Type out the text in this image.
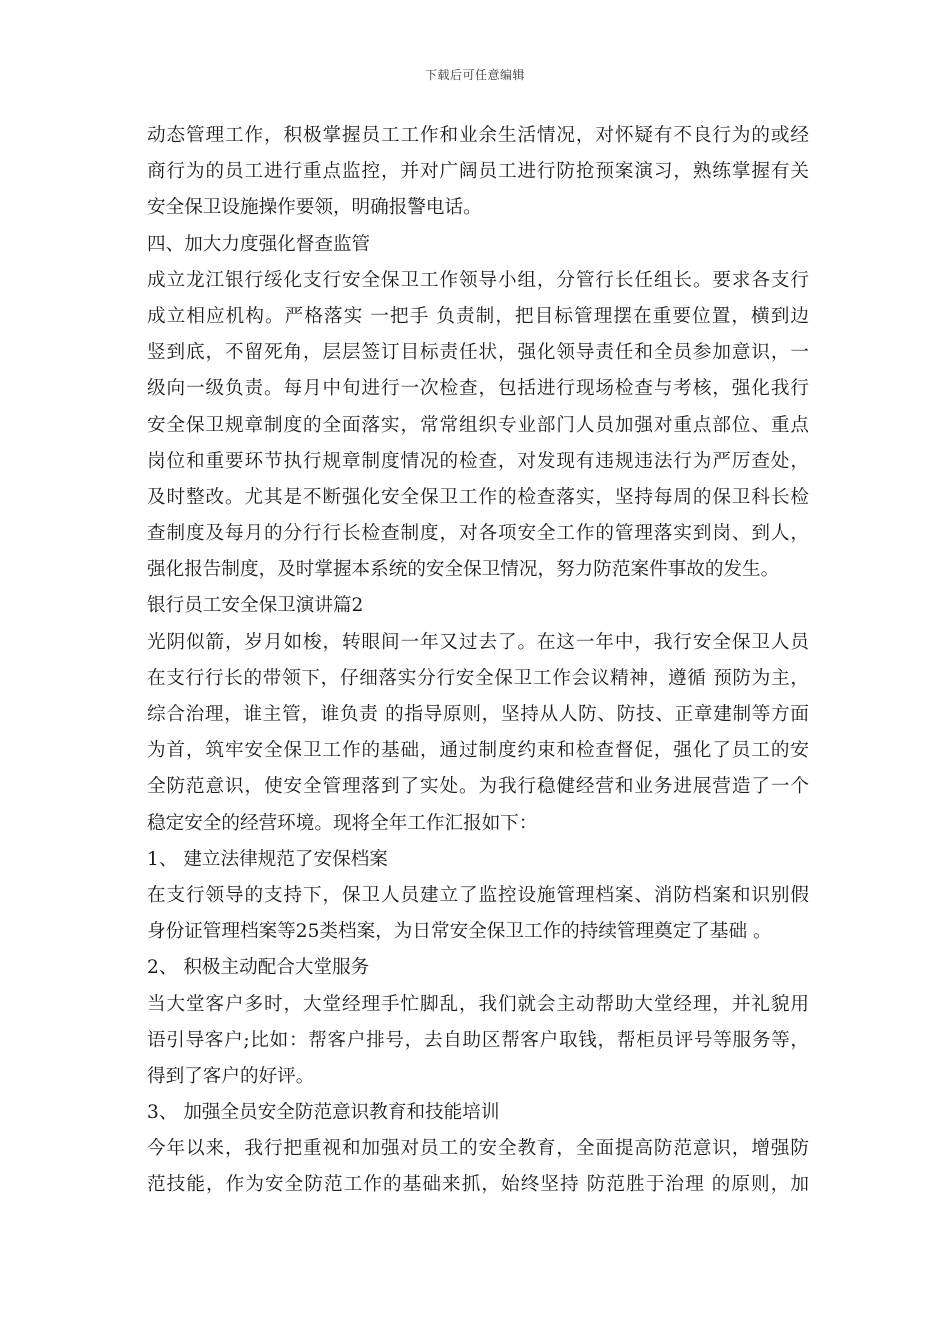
下载后可任意编辑
动态管理工作，积极掌握员工工作和业余生活情况，对怀疑有不良行为的或经
商行为的员工进行重点监控，并对广阔员工进行防抢预案演习，熟练掌握有关
安全保卫设施操作要领，明确报警电话。
四、加大力度强化督查监管
成立龙江银行绥化支行安全保卫工作领导小组，分管行长任组长。要求各支行
成立相应机构。严格落实 一把手 负责制，把目标管理摆在重要位置，横到边
竖到底，不留死角，层层签订目标责任状，强化领导责任和全员参加意识，一
级向一级负责。每月中旬进行一次检查，包括进行现场检查与考核，强化我行
安全保卫规章制度的全面落实，常常组织专业部门人员加强对重点部位、重点
岗位和重要环节执行规章制度情况的检查，对发现有违规违法行为严厉查处，
及时整改。尤其是不断强化安全保卫工作的检查落实，坚持每周的保卫科长检
查制度及每月的分行行长检查制度，对各项安全工作的管理落实到岗、到人，
强化报告制度，及时掌握本系统的安全保卫情况，努力防范案件事故的发生。
银行员工安全保卫演讲篇2
光阴似箭，岁月如梭，转眼间一年又过去了。在这一年中，我行安全保卫人员
在支行行长的带领下，仔细落实分行安全保卫工作会议精神，遵循 预防为主，
综合治理，谁主管，谁负责 的指导原则，坚持从人防、防技、正章建制等方面
为首，筑牢安全保卫工作的基础，通过制度约束和检查督促，强化了员工的安
全防范意识，使安全管理落到了实处。为我行稳健经营和业务进展营造了一个
稳定安全的经营环境。现将全年工作汇报如下：
1、 建立法律规范了安保档案
在支行领导的支持下，保卫人员建立了监控设施管理档案、消防档案和识别假
身份证管理档案等25类档案，为日常安全保卫工作的持续管理奠定了基础 。
2、 积极主动配合大堂服务
当大堂客户多时，大堂经理手忙脚乱，我们就会主动帮助大堂经理，并礼貌用
语引导客户;比如：帮客户排号，去自助区帮客户取钱，帮柜员评号等服务等，
得到了客户的好评。
3、 加强全员安全防范意识教育和技能培训
今年以来，我行把重视和加强对员工的安全教育，全面提高防范意识，增强防
范技能，作为安全防范工作的基础来抓，始终坚持 防范胜于治理 的原则，加
